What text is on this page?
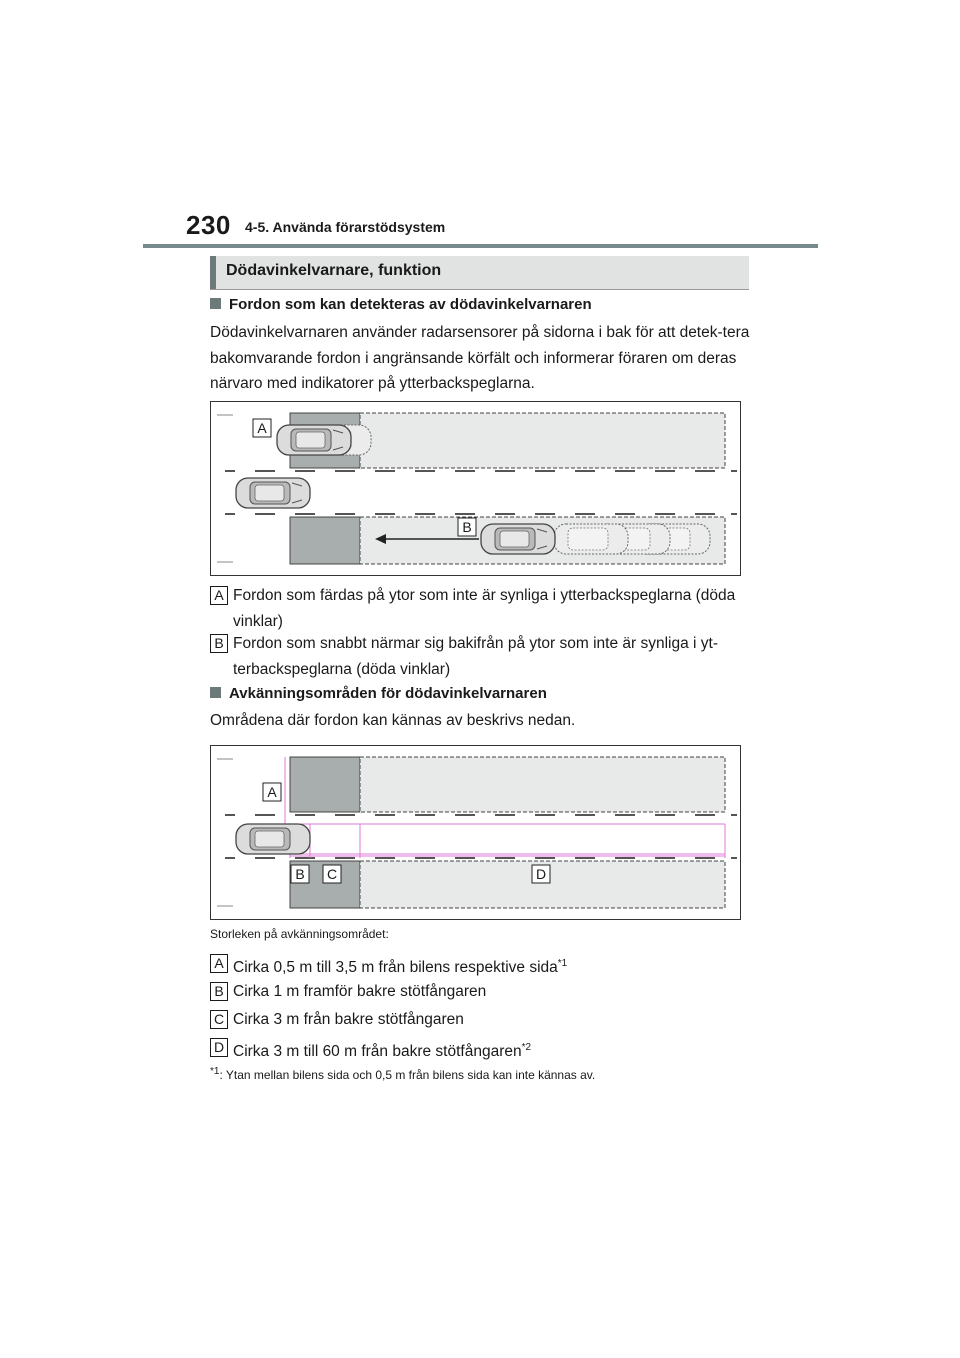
230 4-5. Använda förarstödsystem
Dödavinkelvarnare, funktion
Fordon som kan detekteras av dödavinkelvarnaren
Dödavinkelvarnaren använder radarsensorer på sidorna i bak för att detek-tera bakomvarande fordon i angränsande körfält och informerar föraren om deras närvaro med indikatorer på ytterbackspeglarna.
A
B
A Fordon som färdas på ytor som inte är synliga i ytterbackspeglarna (döda vinklar)
B Fordon som snabbt närmar sig bakifrån på ytor som inte är synliga i yt-terbackspeglarna (döda vinklar)
Avkänningsområden för dödavinkelvarnaren
Områdena där fordon kan kännas av beskrivs nedan.
A
B C	D
Storleken på avkänningsområdet:
A Cirka 0,5 m till 3,5 m från bilens respektive sida$^{*1}$
B Cirka 1 m framför bakre stötfångaren
C Cirka 3 m från bakre stötfångaren
D Cirka 3 m till 60 m från bakre stötfångaren$^{*2}$
$^{*1}$: Ytan mellan bilens sida och 0,5 m från bilens sida kan inte kännas av.
